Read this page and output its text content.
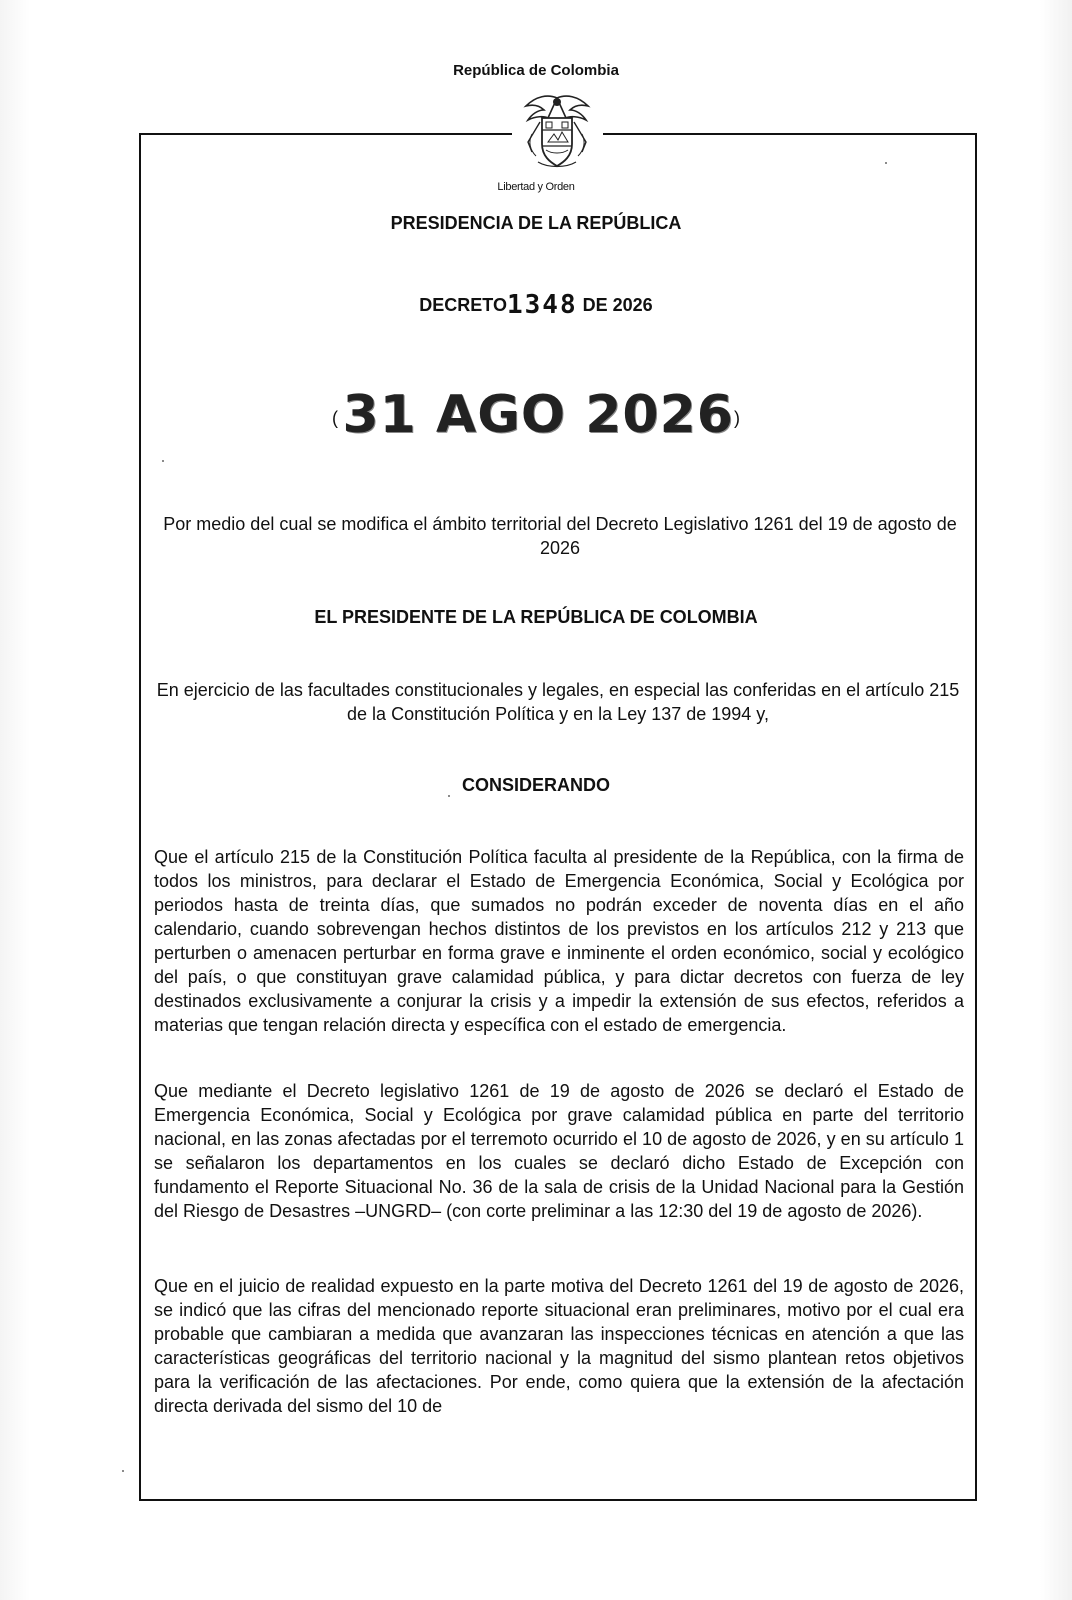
República de Colombia
Libertad y Orden
PRESIDENCIA DE LA REPÚBLICA
DECRETO1348 DE 2026
( 31 AGO 2026)
Por medio del cual se modifica el ámbito territorial del Decreto Legislativo 1261 del 19 de agosto de 2026
EL PRESIDENTE DE LA REPÚBLICA DE COLOMBIA
En ejercicio de las facultades constitucionales y legales, en especial las conferidas en el artículo 215 de la Constitución Política y en la Ley 137 de 1994 y,
CONSIDERANDO
Que el artículo 215 de la Constitución Política faculta al presidente de la República, con la firma de todos los ministros, para declarar el Estado de Emergencia Económica, Social y Ecológica por periodos hasta de treinta días, que sumados no podrán exceder de noventa días en el año calendario, cuando sobrevengan hechos distintos de los previstos en los artículos 212 y 213 que perturben o amenacen perturbar en forma grave e inminente el orden económico, social y ecológico del país, o que constituyan grave calamidad pública, y para dictar decretos con fuerza de ley destinados exclusivamente a conjurar la crisis y a impedir la extensión de sus efectos, referidos a materias que tengan relación directa y específica con el estado de emergencia.
Que mediante el Decreto legislativo 1261 de 19 de agosto de 2026 se declaró el Estado de Emergencia Económica, Social y Ecológica por grave calamidad pública en parte del territorio nacional, en las zonas afectadas por el terremoto ocurrido el 10 de agosto de 2026, y en su artículo 1 se señalaron los departamentos en los cuales se declaró dicho Estado de Excepción con fundamento el Reporte Situacional No. 36 de la sala de crisis de la Unidad Nacional para la Gestión del Riesgo de Desastres –UNGRD– (con corte preliminar a las 12:30 del 19 de agosto de 2026).
Que en el juicio de realidad expuesto en la parte motiva del Decreto 1261 del 19 de agosto de 2026, se indicó que las cifras del mencionado reporte situacional eran preliminares, motivo por el cual era probable que cambiaran a medida que avanzaran las inspecciones técnicas en atención a que las características geográficas del territorio nacional y la magnitud del sismo plantean retos objetivos para la verificación de las afectaciones. Por ende, como quiera que la extensión de la afectación directa derivada del sismo del 10 de
